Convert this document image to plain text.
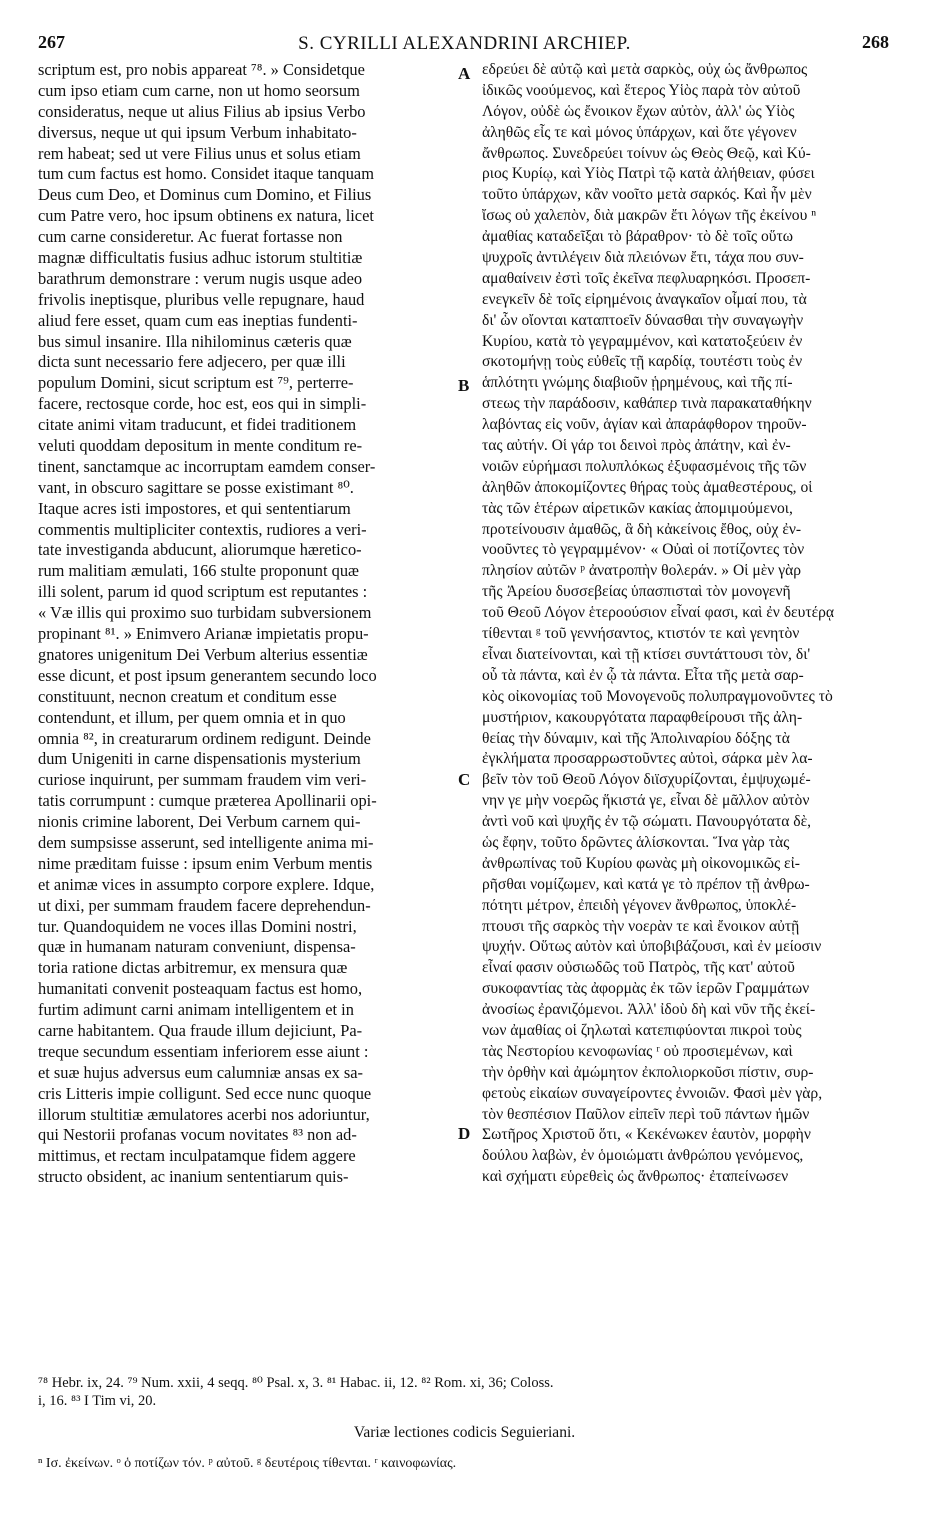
267	S. CYRILLI ALEXANDRINI ARCHIEP.	268
scriptum est, pro nobis appareat ⁷⁸. » Considetque
cum ipso etiam cum carne, non ut homo seorsum
consideratus, neque ut alius Filius ab ipsius Verbo
diversus, neque ut qui ipsum Verbum inhabitato-
rem habeat; sed ut vere Filius unus et solus etiam
tum cum factus est homo. Considet itaque tanquam
Deus cum Deo, et Dominus cum Domino, et Filius
cum Patre vero, hoc ipsum obtinens ex natura, licet
cum carne consideretur. Ac fuerat fortasse non
magnæ difficultatis fusius adhuc istorum stultitiæ
barathrum demonstrare : verum nugis usque adeo
frivolis ineptisque, pluribus velle repugnare, haud
aliud fere esset, quam cum eas ineptias fundenti-
bus simul insanire. Illa nihilominus cæteris quæ
dicta sunt necessario fere adjecero, per quæ illi
populum Domini, sicut scriptum est ⁷⁹, perterre-
facere, rectosque corde, hoc est, eos qui in simpli-
citate animi vitam traducunt, et fidei traditionem
veluti quoddam depositum in mente conditum re-
tinent, sanctamque ac incorruptam eamdem conser-
vant, in obscuro sagittare se posse existimant ⁸⁰.
Itaque acres isti impostores, et qui sententiarum
commentis multipliciter contextis, rudiores a veri-
tate investiganda abducunt, aliorumque hæretico-
rum malitiam æmulati, 166 stulte proponunt quæ
illi solent, parum id quod scriptum est reputantes :
« Væ illis qui proximo suo turbidam subversionem
propinant ⁸¹. » Enimvero Arianæ impietatis propu-
gnatores unigenitum Dei Verbum alterius essentiæ
esse dicunt, et post ipsum generantem secundo loco
constituunt, necnon creatum et conditum esse
contendunt, et illum, per quem omnia et in quo
omnia ⁸², in creaturarum ordinem redigunt. Deinde
dum Unigeniti in carne dispensationis mysterium
curiose inquirunt, per summam fraudem vim veri-
tatis corrumpunt : cumque præterea Apollinarii opi-
nionis crimine laborent, Dei Verbum carnem qui-
dem sumpsisse asserunt, sed intelligente anima mi-
nime præditam fuisse : ipsum enim Verbum mentis
et animæ vices in assumpto corpore explere. Idque,
ut dixi, per summam fraudem facere deprehendun-
tur. Quandoquidem ne voces illas Domini nostri,
quæ in humanam naturam conveniunt, dispensa-
toria ratione dictas arbitremur, ex mensura quæ
humanitati convenit posteaquam factus est homo,
furtim adimunt carni animam intelligentem et in
carne habitantem. Qua fraude illum dejiciunt, Pa-
treque secundum essentiam inferiorem esse aiunt :
et suæ hujus adversus eum calumniæ ansas ex sa-
cris Litteris impie colligunt. Sed ecce nunc quoque
illorum stultitiæ æmulatores acerbi nos adoriuntur,
qui Nestorii profanas vocum novitates ⁸³ non ad-
mittimus, et rectam inculpatamque fidem aggere
structo obsident, ac inanium sententiarum quis-
εδρεύει δὲ αὐτῷ καὶ μετὰ σαρκὸς, οὐχ ὡς ἄνθρωπος
ἰδικῶς νοούμενος, καὶ ἕτερος Υἱὸς παρὰ τὸν αὐτοῦ
Λόγον, οὐδὲ ὡς ἔνοικον ἔχων αὐτὸν, ἀλλ' ὡς Υἱὸς
ἀληθῶς εἷς τε καὶ μόνος ὑπάρχων, καὶ ὅτε γέγονεν
ἄνθρωπος. Συνεδρεύει τοίνυν ὡς Θεὸς Θεῷ, καὶ Κύ-
ριος Κυρίῳ, καὶ Υἱὸς Πατρὶ τῷ κατὰ ἀλήθειαν, φύσει
τοῦτο ὑπάρχων, κἂν νοοῖτο μετὰ σαρκός. Καὶ ἦν μὲν
ἴσως οὐ χαλεπὸν, διὰ μακρῶν ἔτι λόγων τῆς ἐκείνου ⁿ
ἀμαθίας καταδεῖξαι τὸ βάραθρον· τὸ δὲ τοῖς οὕτω
ψυχροῖς ἀντιλέγειν διὰ πλειόνων ἔτι, τάχα που συν-
αμαθαίνειν ἐστὶ τοῖς ἐκεῖνα πεφλυαρηκόσι. Προσεπ-
ενεγκεῖν δὲ τοῖς εἰρημένοις ἀναγκαῖον οἶμαί που, τὰ
δι' ὧν οἴονται καταπτοεῖν δύνασθαι τὴν συναγωγὴν
Κυρίου, κατὰ τὸ γεγραμμένον, καὶ κατατοξεύειν ἐν
σκοτομήνῃ τοὺς εὐθεῖς τῇ καρδίᾳ, τουτέστι τοὺς ἐν
ἁπλότητι γνώμης διαβιοῦν ᾑρημένους, καὶ τῆς πί-
στεως τὴν παράδοσιν, καθάπερ τινὰ παρακαταθήκην
λαβόντας εἰς νοῦν, ἁγίαν καὶ ἀπαράφθορον τηροῦν-
τας αὐτήν. Οἱ γάρ τοι δεινοὶ πρὸς ἀπάτην, καὶ ἐν-
νοιῶν εὑρήμασι πολυπλόκως ἐξυφασμένοις τῆς τῶν
ἀληθῶν ἀποκομίζοντες θήρας τοὺς ἀμαθεστέρους, οἱ
τὰς τῶν ἑτέρων αἱρετικῶν κακίας ἀπομιμούμενοι,
προτείνουσιν ἀμαθῶς, ἃ δὴ κἀκείνοις ἔθος, οὐχ ἐν-
νοοῦντες τὸ γεγραμμένον· « Οὐαὶ οἱ ποτίζοντες τὸν
πλησίον αὐτῶν ᵖ ἀνατροπὴν θολεράν. » Οἱ μὲν γὰρ
τῆς Ἀρείου δυσσεβείας ὑπασπισταὶ τὸν μονογενῆ
τοῦ Θεοῦ Λόγον ἑτεροούσιον εἶναί φασι, καὶ ἐν δευτέρᾳ
τίθενται ᵍ τοῦ γεννήσαντος, κτιστόν τε καὶ γενητὸν
εἶναι διατείνονται, καὶ τῇ κτίσει συντάττουσι τὸν, δι'
οὗ τὰ πάντα, καὶ ἐν ᾧ τὰ πάντα. Εἶτα τῆς μετὰ σαρ-
κὸς οἰκονομίας τοῦ Μονογενοῦς πολυπραγμονοῦντες τὸ
μυστήριον, κακουργότατα παραφθείρουσι τῆς ἀλη-
θείας τὴν δύναμιν, καὶ τῆς Ἀπολιναρίου δόξης τὰ
ἐγκλήματα προσαρρωστοῦντες αὐτοὶ, σάρκα μὲν λα-
βεῖν τὸν τοῦ Θεοῦ Λόγον διϊσχυρίζονται, ἐμψυχωμέ-
νην γε μὴν νοερῶς ἥκιστά γε, εἶναι δὲ μᾶλλον αὐτὸν
ἀντὶ νοῦ καὶ ψυχῆς ἐν τῷ σώματι. Πανουργότατα δὲ,
ὡς ἔφην, τοῦτο δρῶντες ἁλίσκονται. Ἵνα γὰρ τὰς
ἀνθρωπίνας τοῦ Κυρίου φωνὰς μὴ οἰκονομικῶς εἰ-
ρῆσθαι νομίζωμεν, καὶ κατά γε τὸ πρέπον τῇ ἀνθρω-
πότητι μέτρον, ἐπειδὴ γέγονεν ἄνθρωπος, ὑποκλέ-
πτουσι τῆς σαρκὸς τὴν νοερὰν τε καὶ ἔνοικον αὐτῇ
ψυχήν. Οὕτως αὐτὸν καὶ ὑποβιβάζουσι, καὶ ἐν μείοσιν
εἶναί φασιν οὐσιωδῶς τοῦ Πατρὸς, τῆς κατ' αὐτοῦ
συκοφαντίας τὰς ἀφορμὰς ἐκ τῶν ἱερῶν Γραμμάτων
ἀνοσίως ἐρανιζόμενοι. Ἀλλ' ἰδοὺ δὴ καὶ νῦν τῆς ἐκεί-
νων ἀμαθίας οἱ ζηλωταὶ κατεπιφύονται πικροὶ τοὺς
τὰς Νεστορίου κενοφωνίας ʳ οὐ προσιεμένων, καὶ
τὴν ὀρθὴν καὶ ἀμώμητον ἐκπολιορκοῦσι πίστιν, συρ-
φετοὺς εἰκαίων συναγείροντες ἐννοιῶν. Φασὶ μὲν γὰρ,
τὸν θεσπέσιον Παῦλον εἰπεῖν περὶ τοῦ πάντων ἡμῶν
Σωτῆρος Χριστοῦ ὅτι, « Κεκένωκεν ἑαυτὸν, μορφὴν
δούλου λαβὼν, ἐν ὁμοιώματι ἀνθρώπου γενόμενος,
καὶ σχήματι εὑρεθεὶς ὡς ἄνθρωπος· ἐταπείνωσεν
A
B
C
D
⁷⁸ Hebr. ix, 24. ⁷⁹ Num. xxii, 4 seqq. ⁸⁰ Psal. x, 3. ⁸¹ Habac. ii, 12. ⁸² Rom. xi, 36; Coloss.
i, 16. ⁸³ I Tim vi, 20.
Variæ lectiones codicis Seguieriani.
ⁿ Ισ. ἐκείνων. ᵒ ὁ ποτίζων τόν. ᵖ αὐτοῦ. ᵍ δευτέροις τίθενται. ʳ καινοφωνίας.
